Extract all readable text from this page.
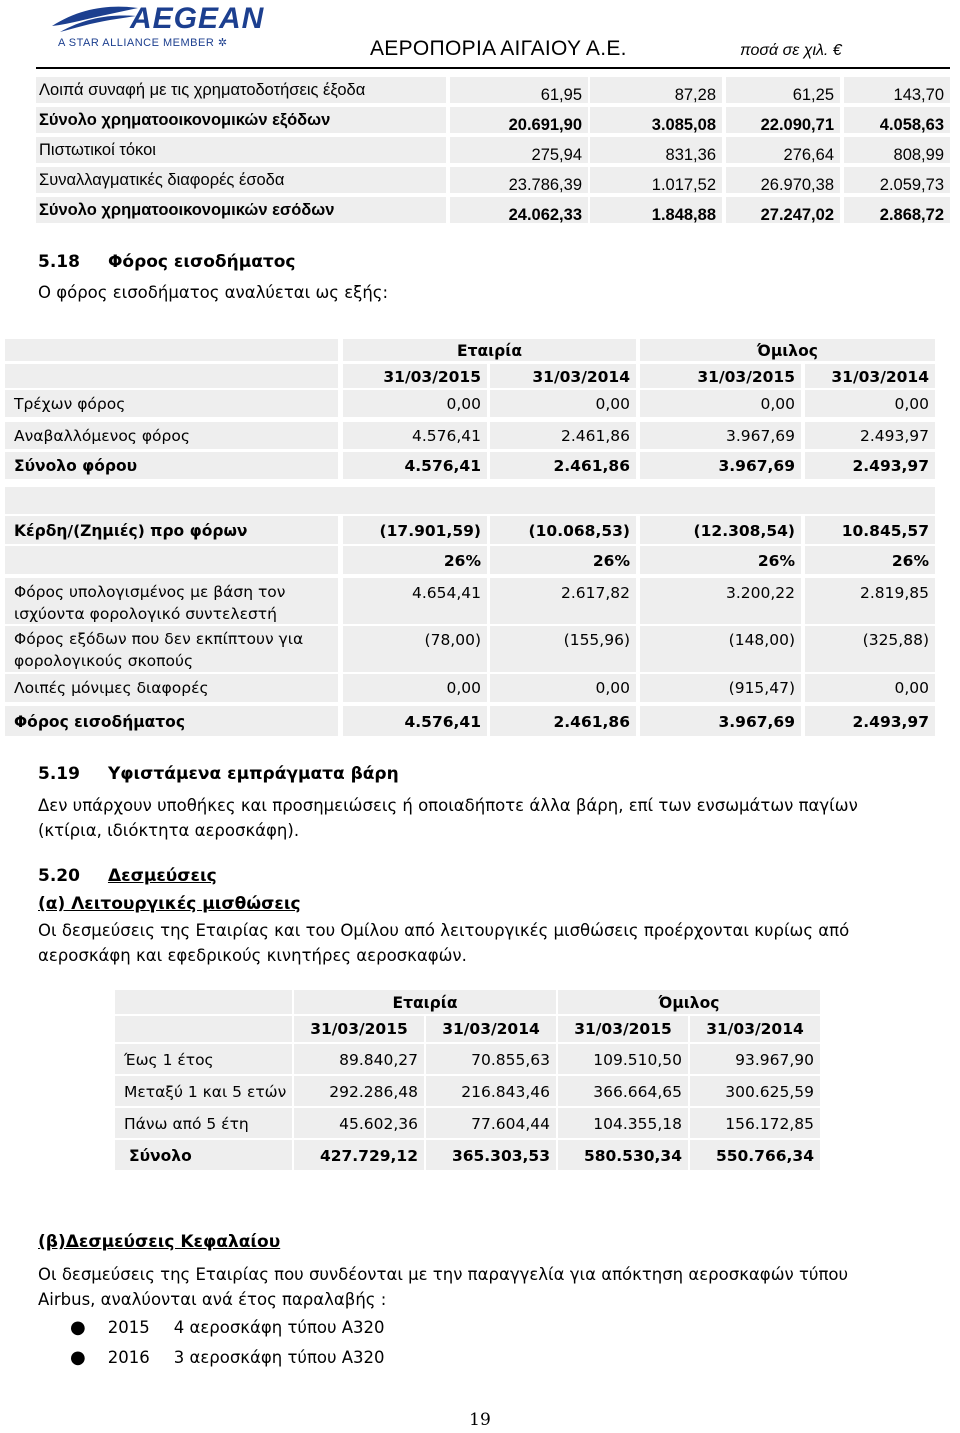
AEGEAN
A STAR ALLIANCE MEMBER ✲	ΑΕΡΟΠΟΡΙΑ ΑΙΓΑΙΟΥ Α.Ε.	ποσά σε χιλ. €
Λοιπά συναφή με τις χρηματοδοτήσεις έξοδα	61,95	87,28	61,25	143,70
Σύνολο χρηματοοικονομικών εξόδων	20.691,90	3.085,08	22.090,71	4.058,63
Πιστωτικοί τόκοι	275,94	831,36	276,64	808,99
Συναλλαγματικές διαφορές έσοδα	23.786,39	1.017,52	26.970,38	2.059,73
Σύνολο χρηματοοικονομικών εσόδων	24.062,33	1.848,88	27.247,02	2.868,72
5.18 Φόρος εισοδήματος
Ο φόρος εισοδήματος αναλύεται ως εξής:
Εταιρία	Όμιλος
31/03/2015	31/03/2014	31/03/2015	31/03/2014
Τρέχων φόρος	0,00	0,00	0,00	0,00
Αναβαλλόμενος φόρος	4.576,41	2.461,86	3.967,69	2.493,97
Σύνολο φόρου	4.576,41	2.461,86	3.967,69	2.493,97
Κέρδη/(Ζημιές) προ φόρων	(17.901,59)	(10.068,53)	(12.308,54)	10.845,57
26%	26%	26%	26%
Φόρος υπολογισμένος με βάση τον
ισχύοντα φορολογικό συντελεστή
4.654,41	2.617,82	3.200,22	2.819,85
Φόρος εξόδων που δεν εκπίπτουν για
φορολογικούς σκοπούς
(78,00)	(155,96)	(148,00)	(325,88)
Λοιπές μόνιμες διαφορές	0,00	0,00	(915,47)	0,00
Φόρος εισοδήματος	4.576,41	2.461,86	3.967,69	2.493,97
5.19 Υφιστάμενα εμπράγματα βάρη
Δεν υπάρχουν υποθήκες και προσημειώσεις ή οποιαδήποτε άλλα βάρη, επί των ενσωμάτων παγίων
(κτίρια, ιδιόκτητα αεροσκάφη).
5.20 Δεσμεύσεις
(α) Λειτουργικές μισθώσεις
Οι δεσμεύσεις της Εταιρίας και του Ομίλου από λειτουργικές μισθώσεις προέρχονται κυρίως από
αεροσκάφη και εφεδρικούς κινητήρες αεροσκαφών.
Εταιρία	Όμιλος
31/03/2015	31/03/2014	31/03/2015	31/03/2014
Έως 1 έτος	89.840,27	70.855,63	109.510,50	93.967,90
Μεταξύ 1 και 5 ετών	292.286,48	216.843,46	366.664,65	300.625,59
Πάνω από 5 έτη	45.602,36	77.604,44	104.355,18	156.172,85
Σύνολο	427.729,12	365.303,53	580.530,34	550.766,34
(β)Δεσμεύσεις Κεφαλαίου
Οι δεσμεύσεις της Εταιρίας που συνδέονται με την παραγγελία για απόκτηση αεροσκαφών τύπου
Airbus, αναλύονται ανά έτος παραλαβής :
● 2015 4 αεροσκάφη τύπου Α320
● 2016 3 αεροσκάφη τύπου Α320
19
